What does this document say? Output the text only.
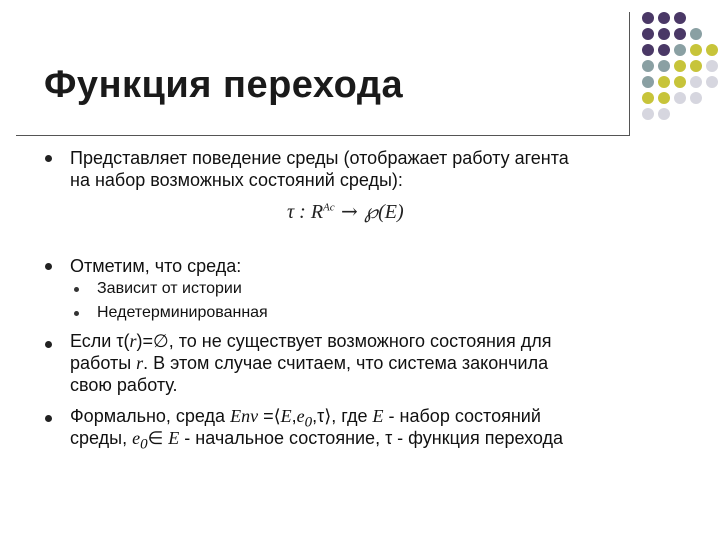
Функция перехода
Представляет поведение среды (отображает работу агента
на набор возможных состояний среды):
τ : $R^{Ac}$ → ℘(E)
Отметим, что среда:
Зависит от истории
Недетерминированная
Если τ(r)=∅, то не существует возможного состояния для
работы r. В этом случае считаем, что система закончила
свою работу.
Формально, среда Env $=⟨E,e_0,\tau⟩$, где E - набор состояний
среды, $e_0\in$ E - начальное состояние, τ - функция перехода
